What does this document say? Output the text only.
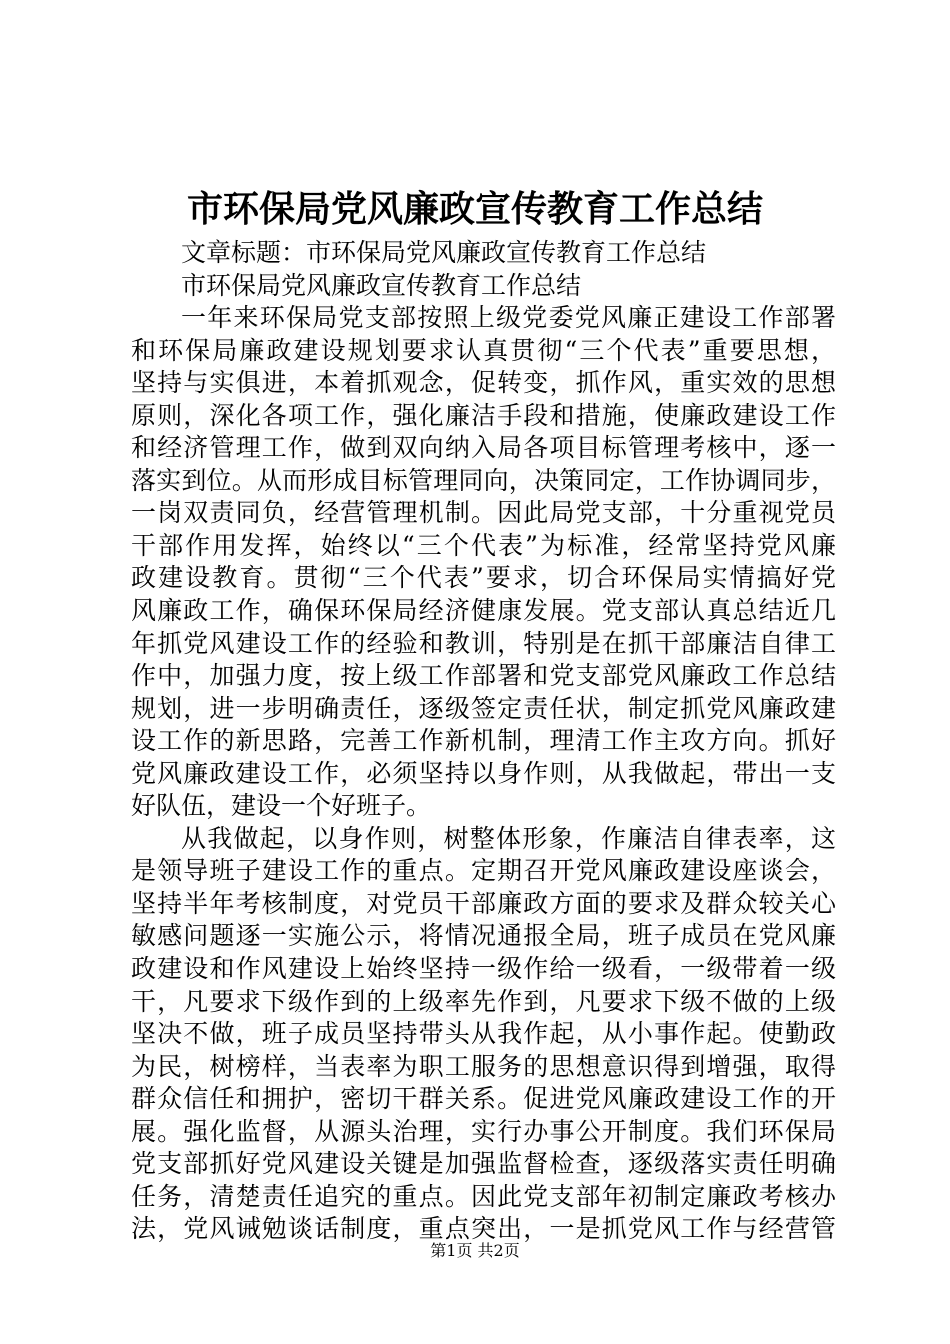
市环保局党风廉政宣传教育工作总结
文章标题：市环保局党风廉政宣传教育工作总结
市环保局党风廉政宣传教育工作总结
一年来环保局党支部按照上级党委党风廉正建设工作部署
和环保局廉政建设规划要求认真贯彻“三个代表”重要思想，
坚持与实俱进，本着抓观念，促转变，抓作风，重实效的思想
原则，深化各项工作，强化廉洁手段和措施，使廉政建设工作
和经济管理工作，做到双向纳入局各项目标管理考核中，逐一
落实到位。从而形成目标管理同向，决策同定，工作协调同步，
一岗双责同负，经营管理机制。因此局党支部，十分重视党员
干部作用发挥，始终以“三个代表”为标准，经常坚持党风廉
政建设教育。贯彻“三个代表”要求，切合环保局实情搞好党
风廉政工作，确保环保局经济健康发展。党支部认真总结近几
年抓党风建设工作的经验和教训，特别是在抓干部廉洁自律工
作中，加强力度，按上级工作部署和党支部党风廉政工作总结
规划，进一步明确责任，逐级签定责任状，制定抓党风廉政建
设工作的新思路，完善工作新机制，理清工作主攻方向。抓好
党风廉政建设工作，必须坚持以身作则，从我做起，带出一支
好队伍，建设一个好班子。
从我做起，以身作则，树整体形象，作廉洁自律表率，这
是领导班子建设工作的重点。定期召开党风廉政建设座谈会，
坚持半年考核制度，对党员干部廉政方面的要求及群众较关心
敏感问题逐一实施公示，将情况通报全局，班子成员在党风廉
政建设和作风建设上始终坚持一级作给一级看，一级带着一级
干，凡要求下级作到的上级率先作到，凡要求下级不做的上级
坚决不做，班子成员坚持带头从我作起，从小事作起。使勤政
为民，树榜样，当表率为职工服务的思想意识得到增强，取得
群众信任和拥护，密切干群关系。促进党风廉政建设工作的开
展。强化监督，从源头治理，实行办事公开制度。我们环保局
党支部抓好党风建设关键是加强监督检查，逐级落实责任明确
任务，清楚责任追究的重点。因此党支部年初制定廉政考核办
法，党风诫勉谈话制度，重点突出，一是抓党风工作与经营管
第1页 共2页
